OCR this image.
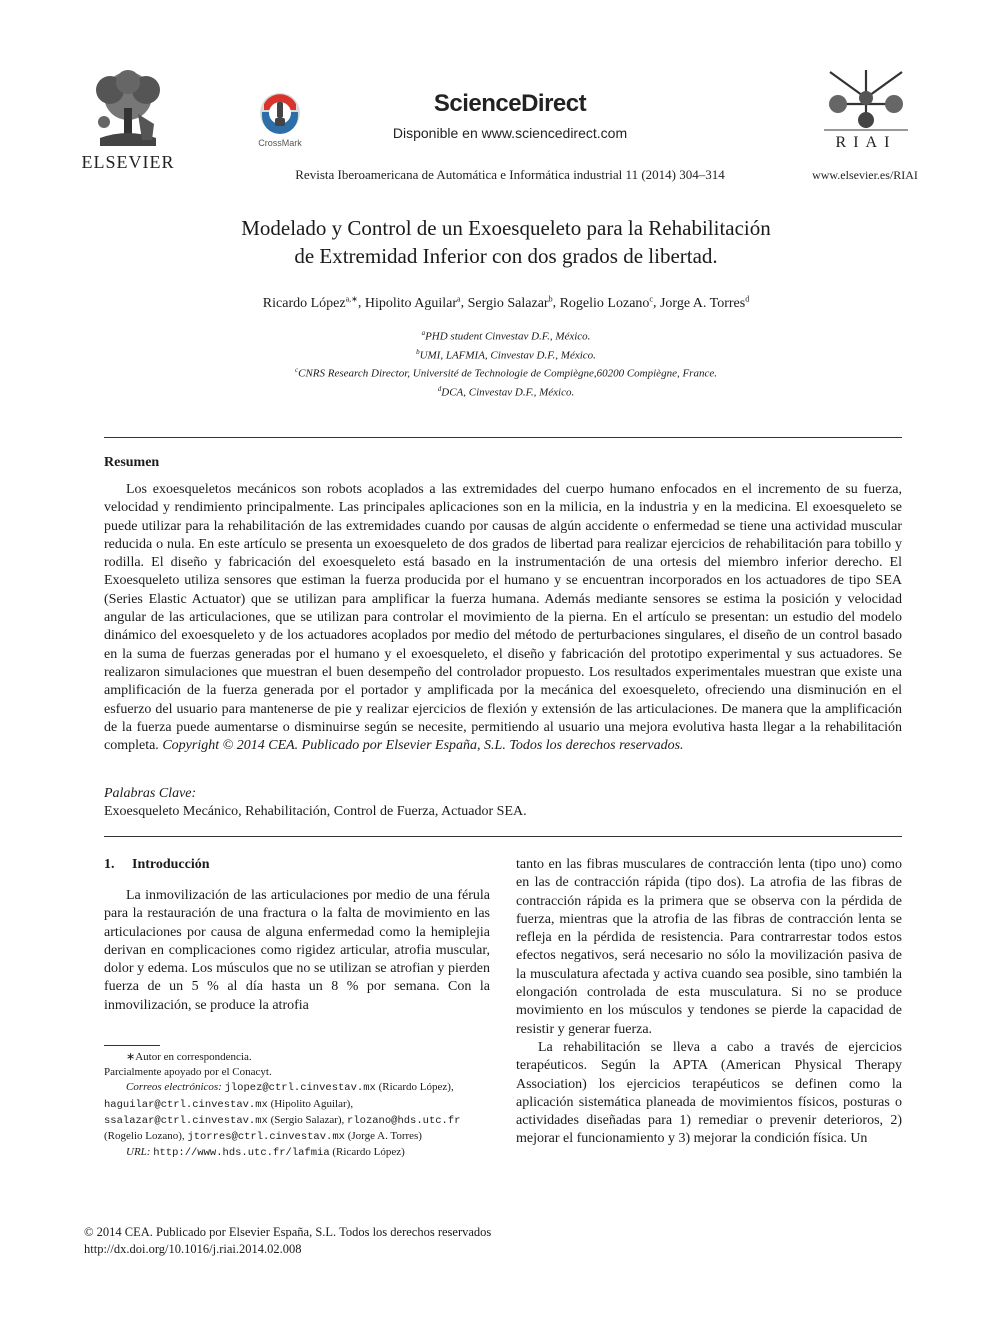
ELSEVIER
CrossMark
ScienceDirect
Disponible en www.sciencedirect.com
Revista Iberoamericana de Automática e Informática industrial 11 (2014) 304–314
RIAI
www.elsevier.es/RIAI
Modelado y Control de un Exoesqueleto para la Rehabilitación
de Extremidad Inferior con dos grados de libertad.
Ricardo López$^{a,∗}$, Hipolito Aguilar$^a$, Sergio Salazar$^b$, Rogelio Lozano$^c$, Jorge A. Torres$^d$
$^a$PHD student Cinvestav D.F., México.
$^b$UMI, LAFMIA, Cinvestav D.F., México.
$^c$CNRS Research Director, Université de Technologie de Compiègne,60200 Compiègne, France.
$^d$DCA, Cinvestav D.F., México.
Resumen
Los exoesqueletos mecánicos son robots acoplados a las extremidades del cuerpo humano enfocados en el incremento de su fuerza, velocidad y rendimiento principalmente. Las principales aplicaciones son en la milicia, en la industria y en la medicina. El exoesqueleto se puede utilizar para la rehabilitación de las extremidades cuando por causas de algún accidente o enfermedad se tiene una actividad muscular reducida o nula. En este artículo se presenta un exoesqueleto de dos grados de libertad para realizar ejercicios de rehabilitación para tobillo y rodilla. El diseño y fabricación del exoesqueleto está basado en la instrumentación de una ortesis del miembro inferior derecho. El Exoesqueleto utiliza sensores que estiman la fuerza producida por el humano y se encuentran incorporados en los actuadores de tipo SEA (Series Elastic Actuator) que se utilizan para amplificar la fuerza humana. Además mediante sensores se estima la posición y velocidad angular de las articulaciones, que se utilizan para controlar el movimiento de la pierna. En el artículo se presentan: un estudio del modelo dinámico del exoesqueleto y de los actuadores acoplados por medio del método de perturbaciones singulares, el diseño de un control basado en la suma de fuerzas generadas por el humano y el exoesqueleto, el diseño y fabricación del prototipo experimental y sus actuadores. Se realizaron simulaciones que muestran el buen desempeño del controlador propuesto. Los resultados experimentales muestran que existe una amplificación de la fuerza generada por el portador y amplificada por la mecánica del exoesqueleto, ofreciendo una disminución en el esfuerzo del usuario para mantenerse de pie y realizar ejercicios de flexión y extensión de las articulaciones. De manera que la amplificación de la fuerza puede aumentarse o disminuirse según se necesite, permitiendo al usuario una mejora evolutiva hasta llegar a la rehabilitación completa. Copyright © 2014 CEA. Publicado por Elsevier España, S.L. Todos los derechos reservados.
Palabras Clave:
Exoesqueleto Mecánico, Rehabilitación, Control de Fuerza, Actuador SEA.
1. Introducción

La inmovilización de las articulaciones por medio de una férula para la restauración de una fractura o la falta de movimiento en las articulaciones por causa de alguna enfermedad como la hemiplejia derivan en complicaciones como rigidez articular, atrofia muscular, dolor y edema. Los músculos que no se utilizan se atrofian y pierden fuerza de un 5 % al día hasta un 8 % por semana. Con la inmovilización, se produce la atrofia

tanto en las fibras musculares de contracción lenta (tipo uno) como en las de contracción rápida (tipo dos). La atrofia de las fibras de contracción rápida es la primera que se observa con la pérdida de fuerza, mientras que la atrofia de las fibras de contracción lenta se refleja en la pérdida de resistencia. Para contrarrestar todos estos efectos negativos, será necesario no sólo la movilización pasiva de la musculatura afectada y activa cuando sea posible, sino también la elongación controlada de esta musculatura. Si no se produce movimiento en los músculos y tendones se pierde la capacidad de resistir y generar fuerza.

La rehabilitación se lleva a cabo a través de ejercicios terapéuticos. Según la APTA (American Physical Therapy Association) los ejercicios terapéuticos se definen como la aplicación sistemática planeada de movimientos físicos, posturas o actividades diseñadas para 1) remediar o prevenir deterioros, 2) mejorar el funcionamiento y 3) mejorar la condición física. Un

∗Autor en correspondencia.
Parcialmente apoyado por el Conacyt.
Correos electrónicos: jlopez@ctrl.cinvestav.mx (Ricardo López),
haguilar@ctrl.cinvestav.mx (Hipolito Aguilar),
ssalazar@ctrl.cinvestav.mx (Sergio Salazar), rlozano@hds.utc.fr
(Rogelio Lozano), jtorres@ctrl.cinvestav.mx (Jorge A. Torres)
URL: http://www.hds.utc.fr/lafmia (Ricardo López)
© 2014 CEA. Publicado por Elsevier España, S.L. Todos los derechos reservados
http://dx.doi.org/10.1016/j.riai.2014.02.008
